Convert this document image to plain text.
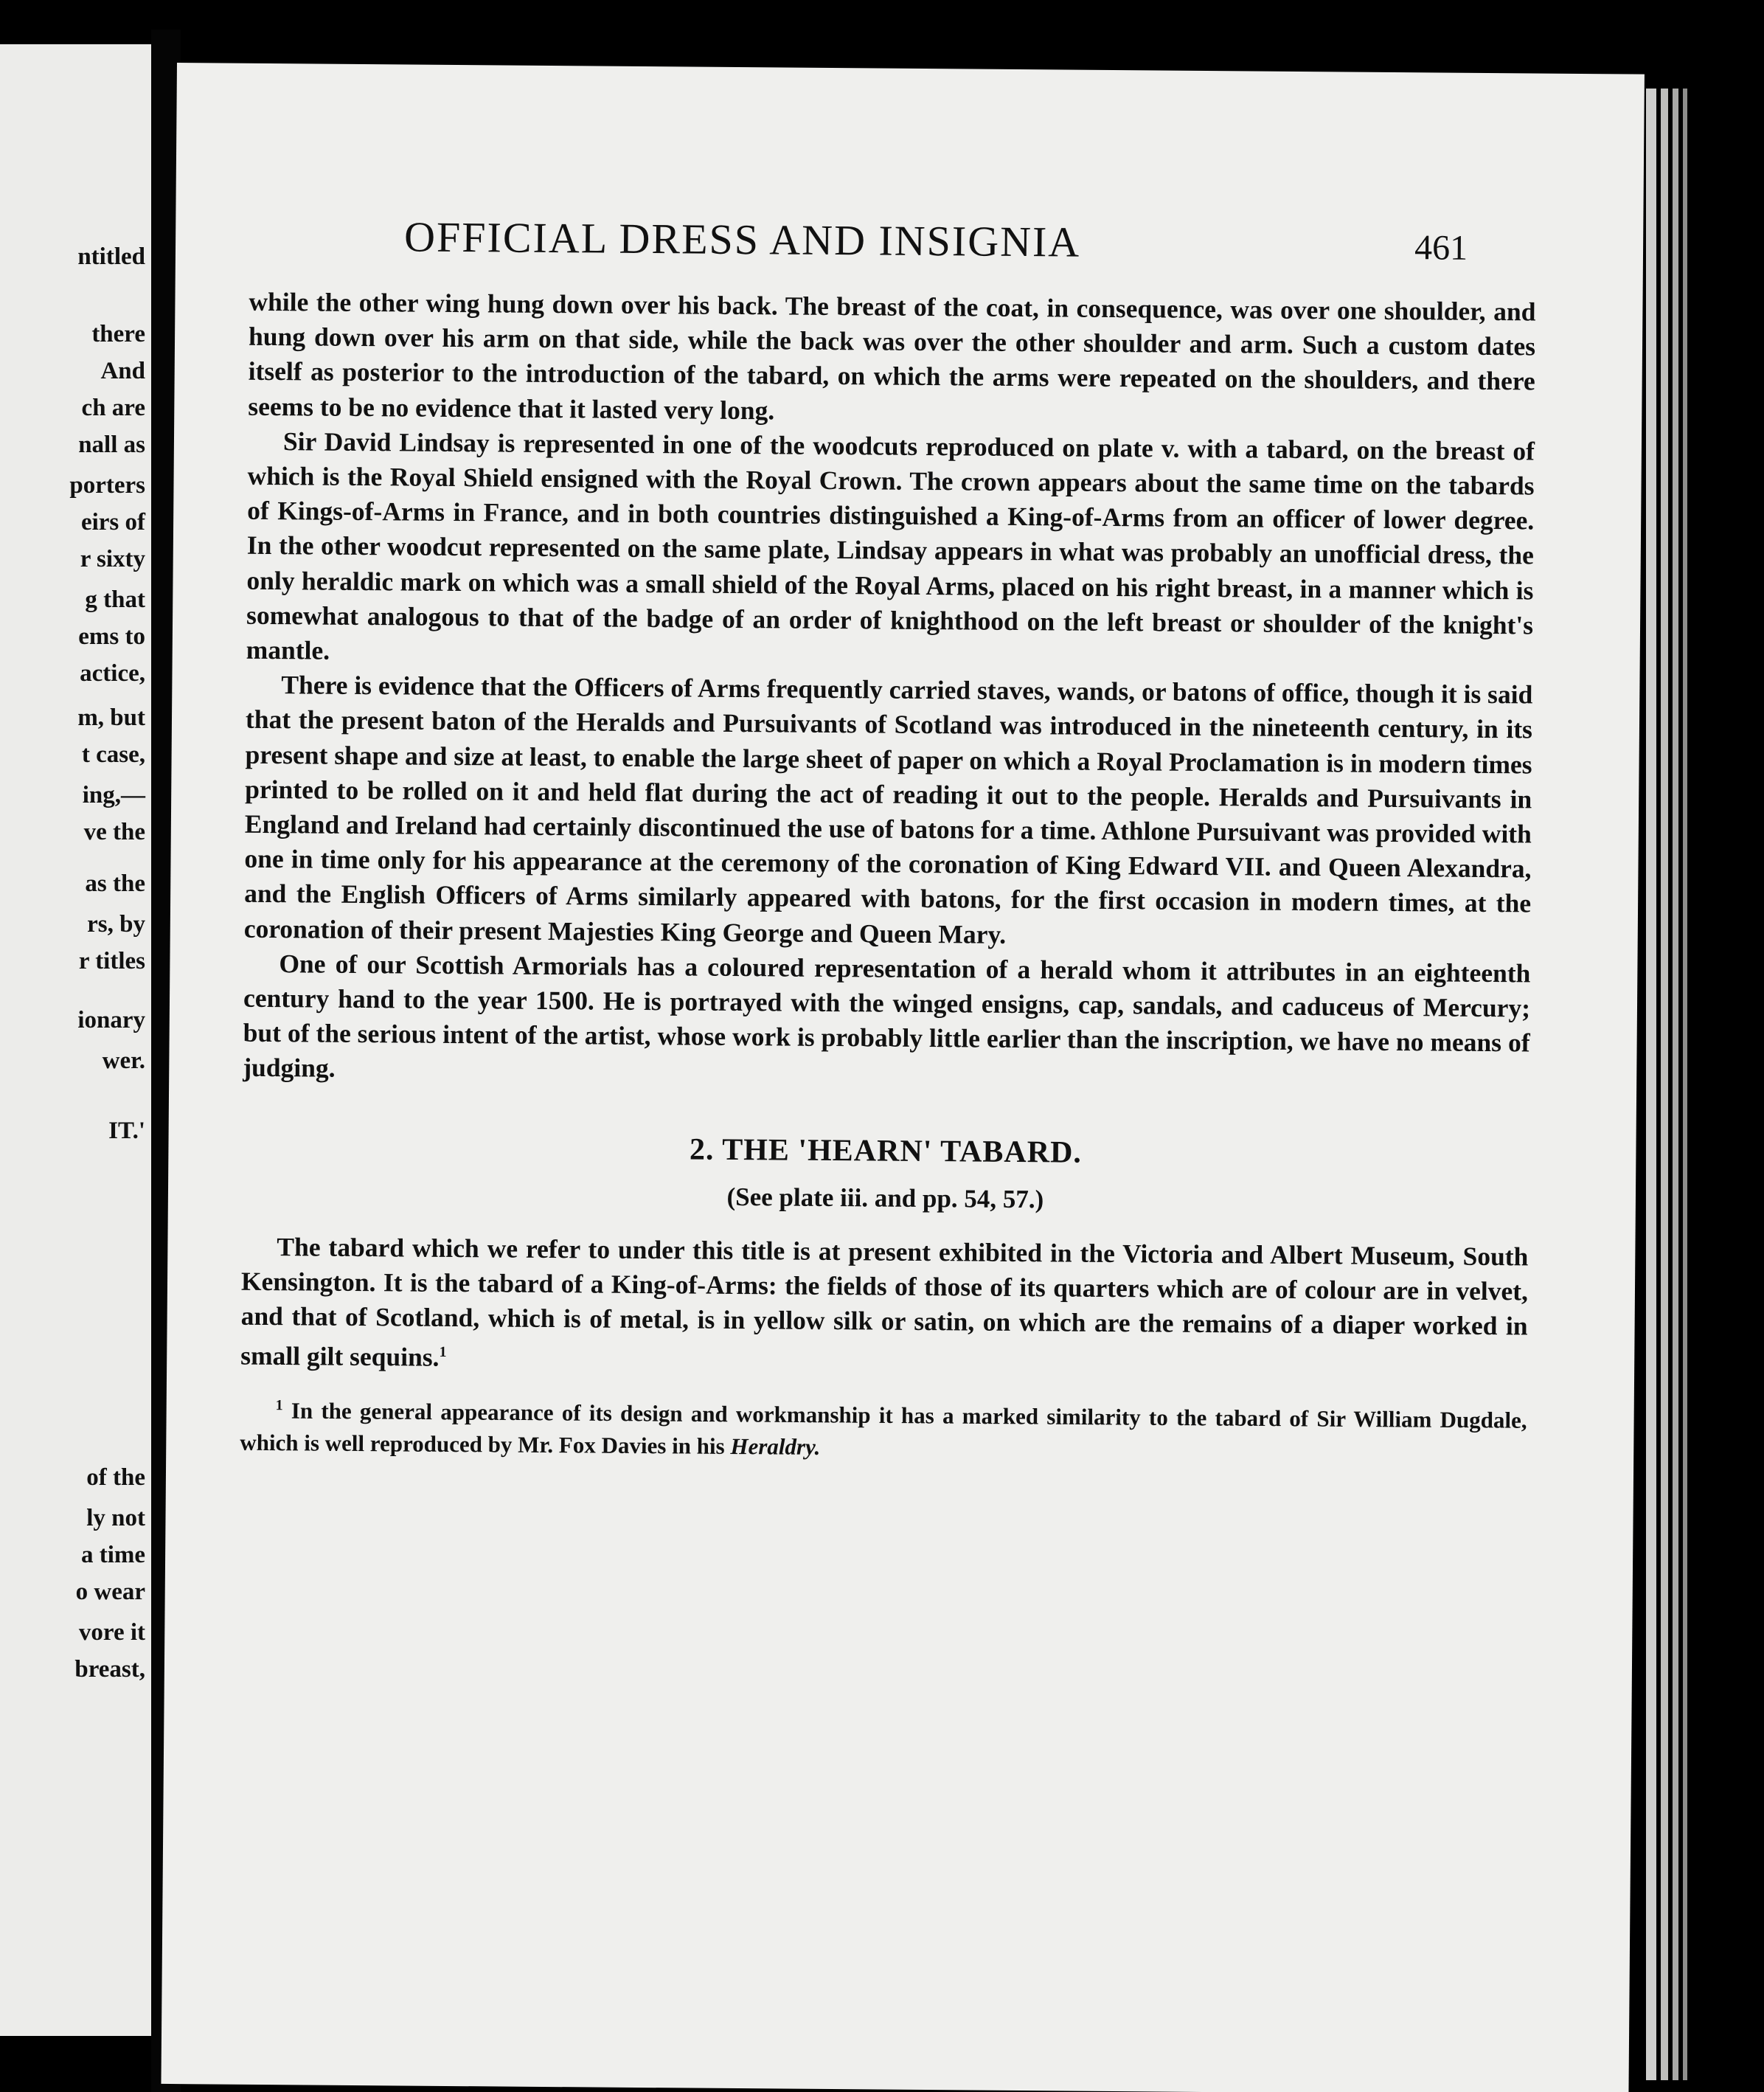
ntitled
there
And
ch are
nall as
porters
eirs of
r sixty
g that
ems to
actice,
m, but
t case,
ing,—
ve the
as the
rs, by
r titles
ionary
wer.
IT.'
of the
ly not
a time
o wear
vore it
breast,
OFFICIAL DRESS AND INSIGNIA	461

while the other wing hung down over his back. The breast of the coat, in consequence, was over one shoulder, and hung down over his arm on that side, while the back was over the other shoulder and arm. Such a custom dates itself as posterior to the introduction of the tabard, on which the arms were repeated on the shoulders, and there seems to be no evidence that it lasted very long.

Sir David Lindsay is represented in one of the woodcuts reproduced on plate v. with a tabard, on the breast of which is the Royal Shield ensigned with the Royal Crown. The crown appears about the same time on the tabards of Kings-of-Arms in France, and in both countries distinguished a King-of-Arms from an officer of lower degree. In the other woodcut represented on the same plate, Lindsay appears in what was probably an unofficial dress, the only heraldic mark on which was a small shield of the Royal Arms, placed on his right breast, in a manner which is somewhat analogous to that of the badge of an order of knighthood on the left breast or shoulder of the knight's mantle.

There is evidence that the Officers of Arms frequently carried staves, wands, or batons of office, though it is said that the present baton of the Heralds and Pursuivants of Scotland was introduced in the nineteenth century, in its present shape and size at least, to enable the large sheet of paper on which a Royal Proclamation is in modern times printed to be rolled on it and held flat during the act of reading it out to the people. Heralds and Pursuivants in England and Ireland had certainly discontinued the use of batons for a time. Athlone Pursuivant was provided with one in time only for his appearance at the ceremony of the coronation of King Edward VII. and Queen Alexandra, and the English Officers of Arms similarly appeared with batons, for the first occasion in modern times, at the coronation of their present Majesties King George and Queen Mary.

One of our Scottish Armorials has a coloured representation of a herald whom it attributes in an eighteenth century hand to the year 1500. He is portrayed with the winged ensigns, cap, sandals, and caduceus of Mercury; but of the serious intent of the artist, whose work is probably little earlier than the inscription, we have no means of judging.

2. THE 'HEARN' TABARD.
(See plate iii. and pp. 54, 57.)

The tabard which we refer to under this title is at present exhibited in the Victoria and Albert Museum, South Kensington. It is the tabard of a King-of-Arms: the fields of those of its quarters which are of colour are in velvet, and that of Scotland, which is of metal, is in yellow silk or satin, on which are the remains of a diaper worked in small gilt sequins.$^1$

$^1$ In the general appearance of its design and workmanship it has a marked similarity to the tabard of Sir William Dugdale, which is well reproduced by Mr. Fox Davies in his Heraldry.
